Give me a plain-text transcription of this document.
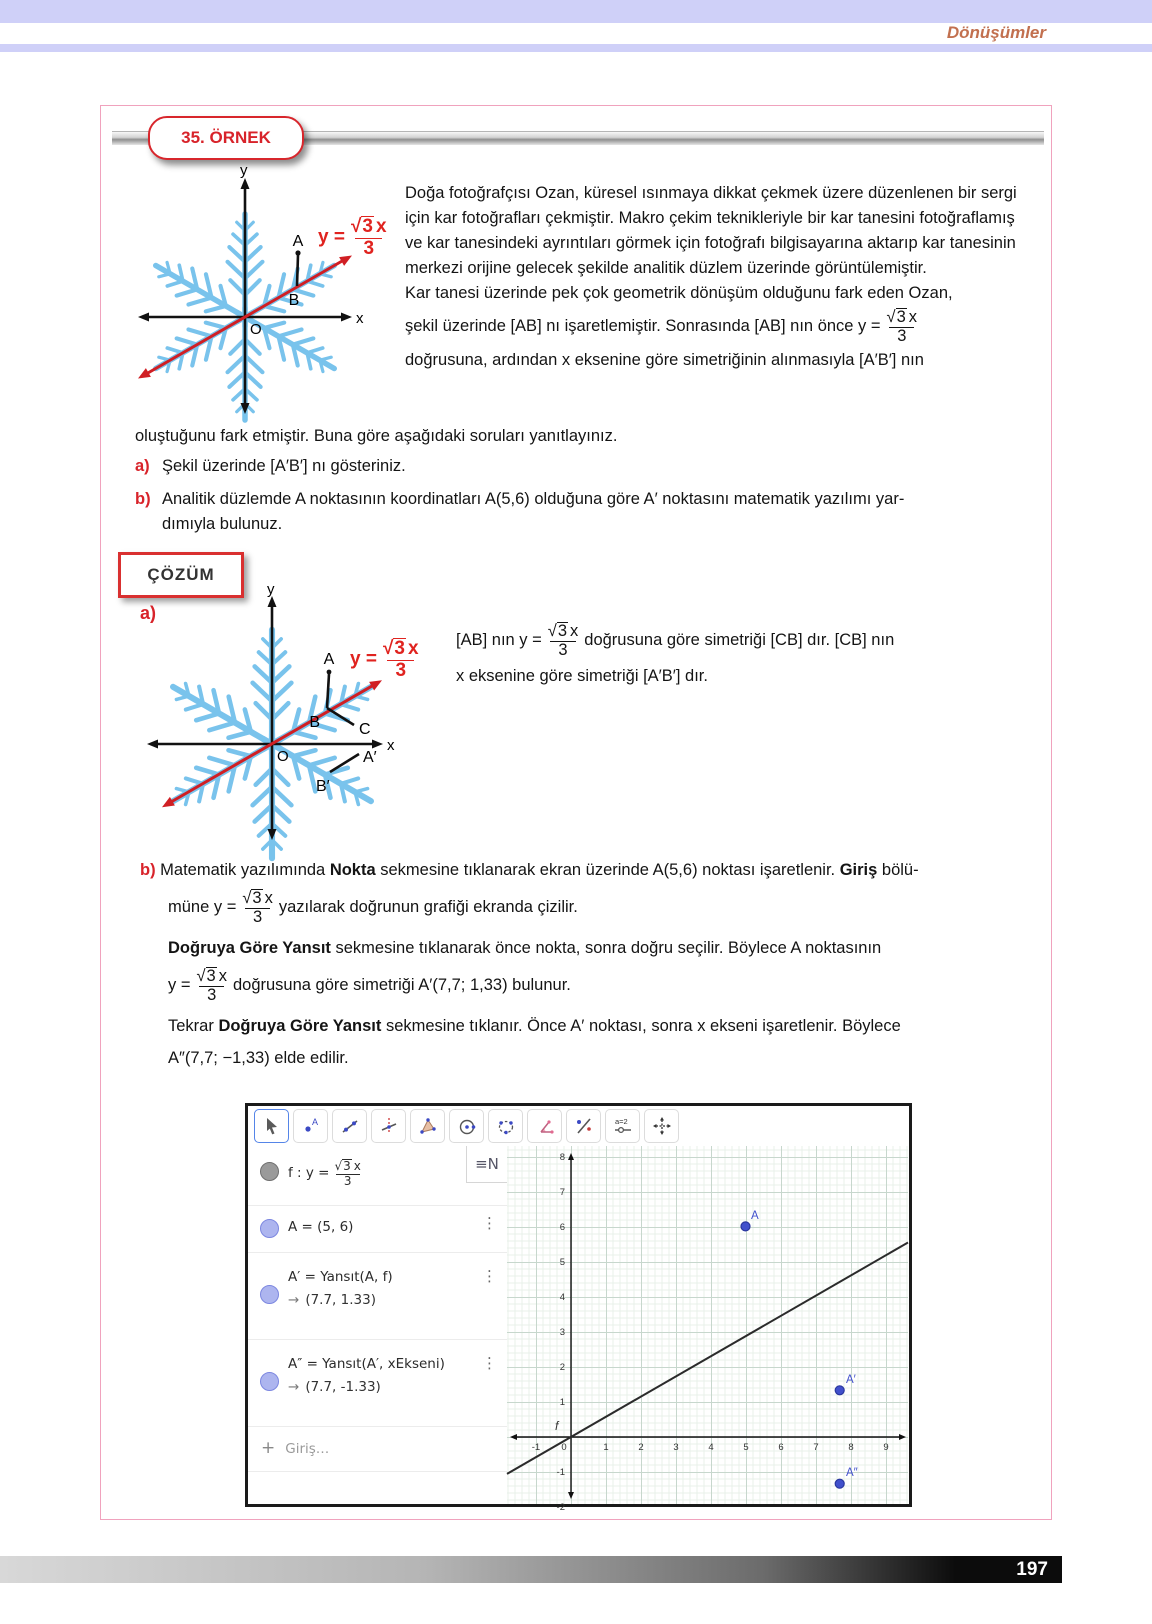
Dönüşümler
35. ÖRNEK
A
B
O
x
y
$y = \frac{√ 3 x}{3}$
Doğa fotoğrafçısı Ozan, küresel ısınmaya dikkat çekmek üzere düzenlenen bir sergi için kar fotoğrafları çekmiştir. Makro çekim teknikleriyle bir kar tanesini fotoğraflamış ve kar tanesindeki ayrıntıları görmek için fotoğrafı bilgisayarına aktarıp kar tanesinin merkezi orijine gelecek şekilde analitik düzlem üzerinde görüntülemiştir.
Kar tanesi üzerinde pek çok geometrik dönüşüm olduğunu fark eden Ozan,
şekil üzerinde [AB] nı işaretlemiştir. Sonrasında [AB] nın önce $y = \frac{√ 3 x}{3}$
doğrusuna, ardından x eksenine göre simetriğinin alınmasıyla [A′B′] nın
oluştuğunu fark etmiştir. Buna göre aşağıdaki soruları yanıtlayınız.
a) Şekil üzerinde [A′B′] nı gösteriniz.
b) Analitik düzlemde A noktasının koordinatları A(5,6) olduğuna göre A′ noktasını matematik yazılımı yar-
dımıyla bulunuz.
ÇÖZÜM
a)
A
B C
A′
B′
O
x
y
$y = \frac{√ 3 x}{3} [AB]$ nın $y = \frac{√ 3 x}{3}$ doğrusuna göre simetriği [CB] dır. [CB] nın
x eksenine göre simetriği [A′B′] dır.
b) Matematik yazılımında Nokta sekmesine tıklanarak ekran üzerinde A(5,6) noktası işaretlenir. Giriş bölü-
müne $y = \frac{√ 3 x}{3}$ yazılarak doğrunun grafiği ekranda çizilir.
Doğruya Göre Yansıt sekmesine tıklanarak önce nokta, sonra doğru seçilir. Böylece A noktasının
$y = \frac{√ 3 x}{3}$ doğrusuna göre simetriği A′(7,7; 1,33) bulunur.
Tekrar Doğruya Göre Yansıt sekmesine tıklanır. Önce A′ noktası, sonra x ekseni işaretlenir. Böylece
A″(7,7; −1,33) elde edilir.
A	a=2
f : $y = \frac{√ 3 x}{3}$	≡N
A = (5, 6)	⋮
A′ = Yansıt(A, f)
→ (7.7, 1.33)
⋮
A″ = Yansıt(A′, xEkseni)
→ (7.7, -1.33)
⋮
+ Giriş…
f
-1 0	1	2	3	4	5	6	7	8	9
-2
-1
1
2
3
4
5
6
7
8
A
A′
A″
197
